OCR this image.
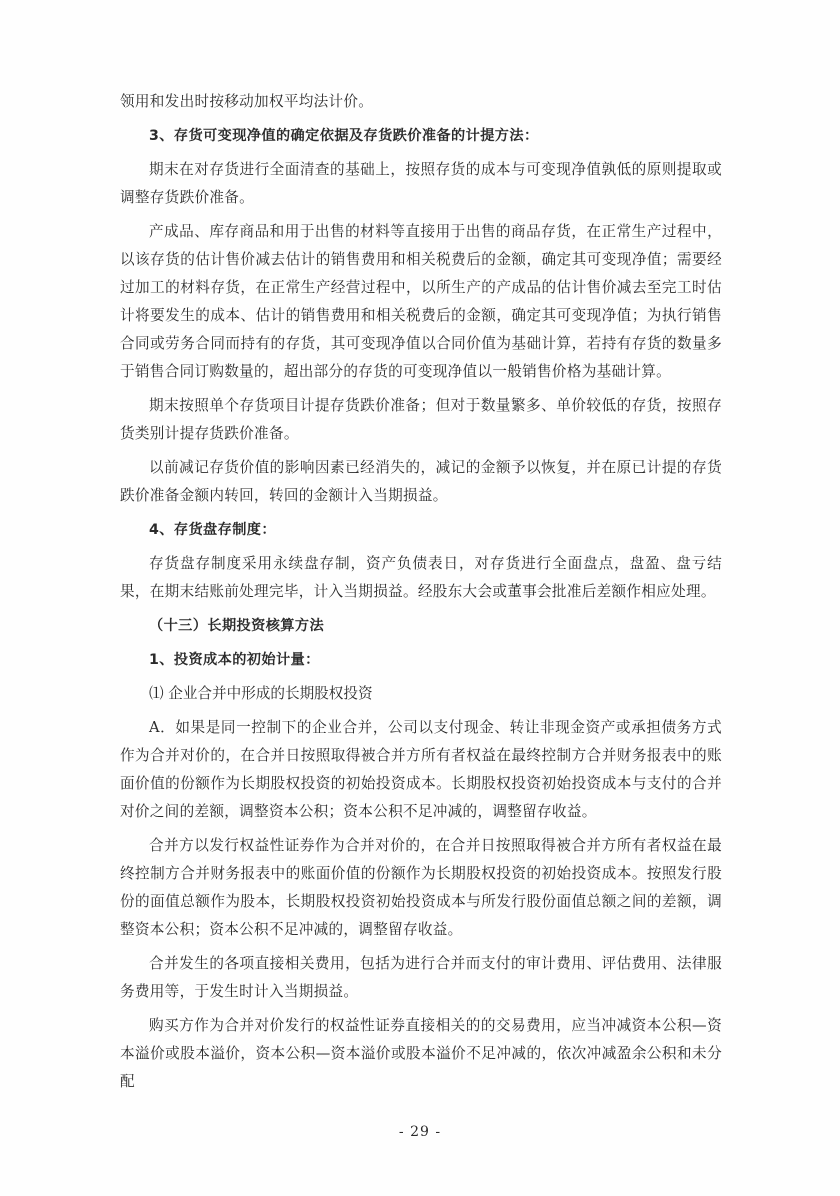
领用和发出时按移动加权平均法计价。

3、存货可变现净值的确定依据及存货跌价准备的计提方法：

期末在对存货进行全面清查的基础上，按照存货的成本与可变现净值孰低的原则提取或调整存货跌价准备。

产成品、库存商品和用于出售的材料等直接用于出售的商品存货，在正常生产过程中，以该存货的估计售价减去估计的销售费用和相关税费后的金额，确定其可变现净值；需要经过加工的材料存货，在正常生产经营过程中，以所生产的产成品的估计售价减去至完工时估计将要发生的成本、估计的销售费用和相关税费后的金额，确定其可变现净值；为执行销售合同或劳务合同而持有的存货，其可变现净值以合同价值为基础计算，若持有存货的数量多于销售合同订购数量的，超出部分的存货的可变现净值以一般销售价格为基础计算。

期末按照单个存货项目计提存货跌价准备；但对于数量繁多、单价较低的存货，按照存货类别计提存货跌价准备。

以前减记存货价值的影响因素已经消失的，减记的金额予以恢复，并在原已计提的存货跌价准备金额内转回，转回的金额计入当期损益。

4、存货盘存制度：

存货盘存制度采用永续盘存制，资产负债表日，对存货进行全面盘点，盘盈、盘亏结果，在期末结账前处理完毕，计入当期损益。经股东大会或董事会批准后差额作相应处理。

（十三）长期投资核算方法

1、投资成本的初始计量：

⑴ 企业合并中形成的长期股权投资

A．如果是同一控制下的企业合并，公司以支付现金、转让非现金资产或承担债务方式作为合并对价的，在合并日按照取得被合并方所有者权益在最终控制方合并财务报表中的账面价值的份额作为长期股权投资的初始投资成本。长期股权投资初始投资成本与支付的合并对价之间的差额，调整资本公积；资本公积不足冲减的，调整留存收益。

合并方以发行权益性证券作为合并对价的，在合并日按照取得被合并方所有者权益在最终控制方合并财务报表中的账面价值的份额作为长期股权投资的初始投资成本。按照发行股份的面值总额作为股本，长期股权投资初始投资成本与所发行股份面值总额之间的差额，调整资本公积；资本公积不足冲减的，调整留存收益。

合并发生的各项直接相关费用，包括为进行合并而支付的审计费用、评估费用、法律服务费用等，于发生时计入当期损益。

购买方作为合并对价发行的权益性证券直接相关的的交易费用，应当冲减资本公积—资本溢价或股本溢价，资本公积—资本溢价或股本溢价不足冲减的，依次冲减盈余公积和未分配

- 29 -
